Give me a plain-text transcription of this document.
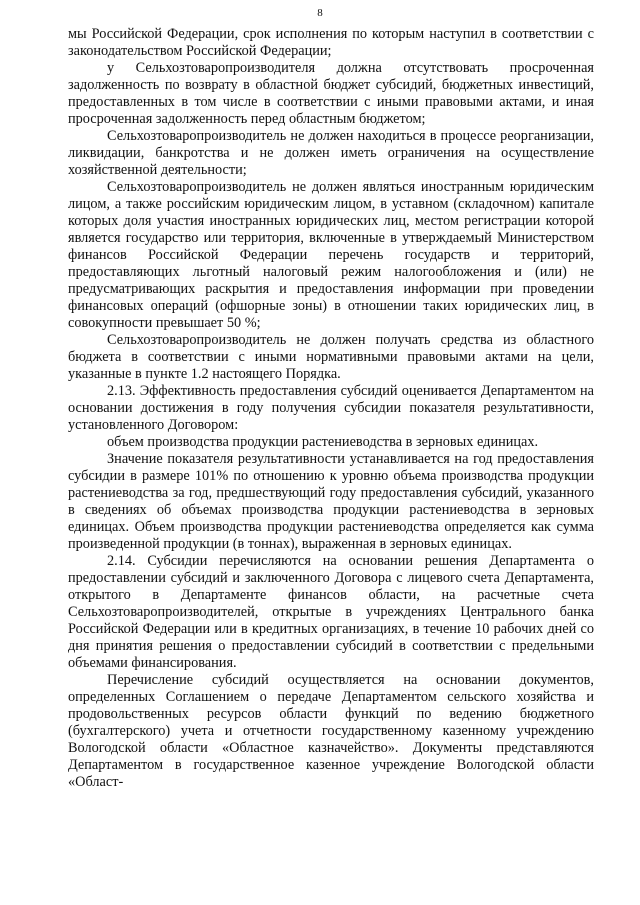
8

мы Российской Федерации, срок исполнения по которым наступил в соответствии с законодательством Российской Федерации;

у Сельхозтоваропроизводителя должна отсутствовать просроченная задолженность по возврату в областной бюджет субсидий, бюджетных инвестиций, предоставленных в том числе в соответствии с иными правовыми актами, и иная просроченная задолженность перед областным бюджетом;

Сельхозтоваропроизводитель не должен находиться в процессе реорганизации, ликвидации, банкротства и не должен иметь ограничения на осуществление хозяйственной деятельности;

Сельхозтоваропроизводитель не должен являться иностранным юридическим лицом, а также российским юридическим лицом, в уставном (складочном) капитале которых доля участия иностранных юридических лиц, местом регистрации которой является государство или территория, включенные в утверждаемый Министерством финансов Российской Федерации перечень государств и территорий, предоставляющих льготный налоговый режим налогообложения и (или) не предусматривающих раскрытия и предоставления информации при проведении финансовых операций (офшорные зоны) в отношении таких юридических лиц, в совокупности превышает 50 %;

Сельхозтоваропроизводитель не должен получать средства из областного бюджета в соответствии с иными нормативными правовыми актами на цели, указанные в пункте 1.2 настоящего Порядка.

2.13. Эффективность предоставления субсидий оценивается Департаментом на основании достижения в году получения субсидии показателя результативности, установленного Договором:

объем производства продукции растениеводства в зерновых единицах.

Значение показателя результативности устанавливается на год предоставления субсидии в размере 101% по отношению к уровню объема производства продукции растениеводства за год, предшествующий году предоставления субсидий, указанного в сведениях об объемах производства продукции растениеводства в зерновых единицах. Объем производства продукции растениеводства определяется как сумма произведенной продукции (в тоннах), выраженная в зерновых единицах.

2.14. Субсидии перечисляются на основании решения Департамента о предоставлении субсидий и заключенного Договора с лицевого счета Департамента, открытого в Департаменте финансов области, на расчетные счета Сельхозтоваропроизводителей, открытые в учреждениях Центрального банка Российской Федерации или в кредитных организациях, в течение 10 рабочих дней со дня принятия решения о предоставлении субсидий в соответствии с предельными объемами финансирования.

Перечисление субсидий осуществляется на основании документов, определенных Соглашением о передаче Департаментом сельского хозяйства и продовольственных ресурсов области функций по ведению бюджетного (бухгалтерского) учета и отчетности государственному казенному учреждению Вологодской области «Областное казначейство». Документы представляются Департаментом в государственное казенное учреждение Вологодской области «Област-
